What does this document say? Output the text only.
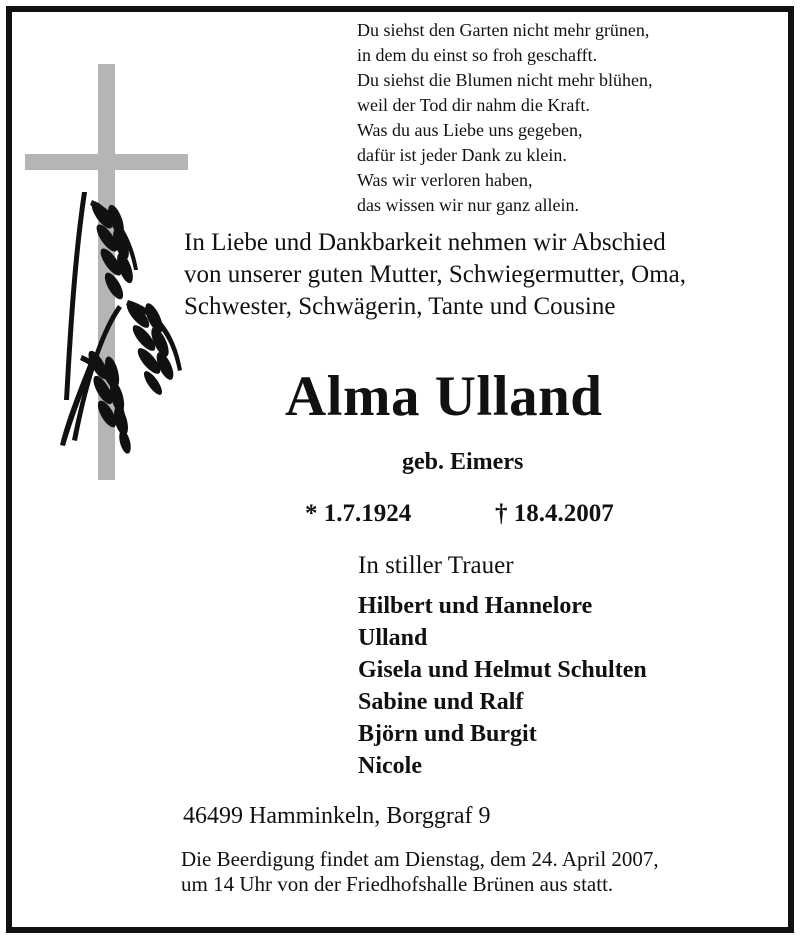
Du siehst den Garten nicht mehr grünen,
in dem du einst so froh geschafft.
Du siehst die Blumen nicht mehr blühen,
weil der Tod dir nahm die Kraft.
Was du aus Liebe uns gegeben,
dafür ist jeder Dank zu klein.
Was wir verloren haben,
das wissen wir nur ganz allein.
In Liebe und Dankbarkeit nehmen wir Abschied
von unserer guten Mutter, Schwiegermutter, Oma,
Schwester, Schwägerin, Tante und Cousine
Alma Ulland
geb. Eimers
* 1.7.1924	† 18.4.2007
In stiller Trauer
Hilbert und Hannelore
Ulland
Gisela und Helmut Schulten
Sabine und Ralf
Björn und Burgit
Nicole
46499 Hamminkeln, Borggraf 9
Die Beerdigung findet am Dienstag, dem 24. April 2007,
um 14 Uhr von der Friedhofshalle Brünen aus statt.
